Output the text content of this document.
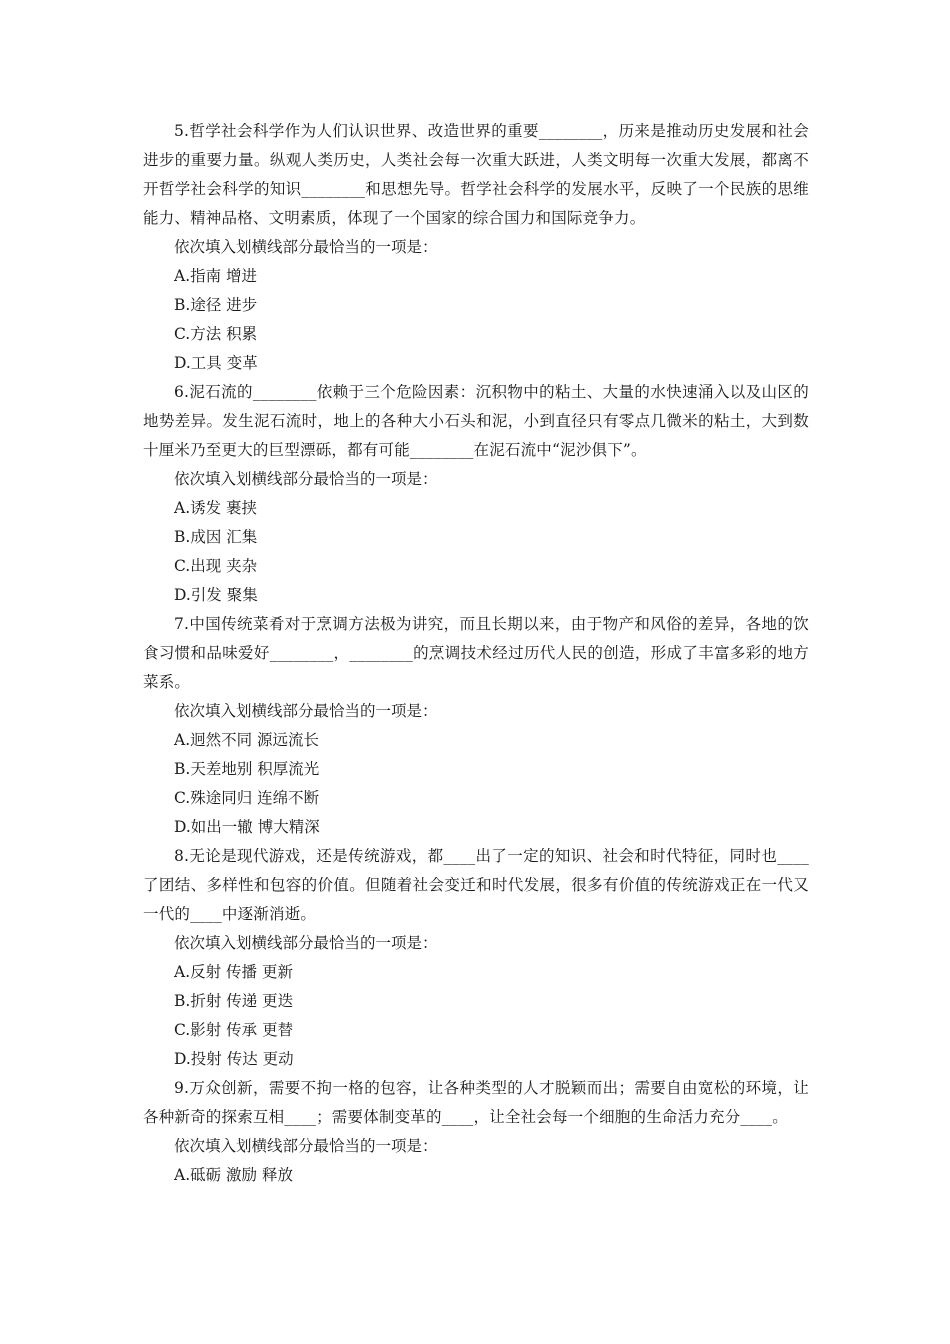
5.哲学社会科学作为人们认识世界、改造世界的重要________，历来是推动历史发展和社会进步的重要力量。纵观人类历史，人类社会每一次重大跃进，人类文明每一次重大发展，都离不开哲学社会科学的知识________和思想先导。哲学社会科学的发展水平，反映了一个民族的思维能力、精神品格、文明素质，体现了一个国家的综合国力和国际竞争力。

依次填入划横线部分最恰当的一项是：

A.指南 增进
B.途径 进步
C.方法 积累
D.工具 变革

6.泥石流的________依赖于三个危险因素：沉积物中的粘土、大量的水快速涌入以及山区的地势差异。发生泥石流时，地上的各种大小石头和泥，小到直径只有零点几微米的粘土，大到数十厘米乃至更大的巨型漂砾，都有可能________在泥石流中“泥沙俱下”。

依次填入划横线部分最恰当的一项是：

A.诱发 裹挟
B.成因 汇集
C.出现 夹杂
D.引发 聚集

7.中国传统菜肴对于烹调方法极为讲究，而且长期以来，由于物产和风俗的差异，各地的饮食习惯和品味爱好________，________的烹调技术经过历代人民的创造，形成了丰富多彩的地方菜系。

依次填入划横线部分最恰当的一项是：

A.迥然不同 源远流长
B.天差地别 积厚流光
C.殊途同归 连绵不断
D.如出一辙 博大精深

8.无论是现代游戏，还是传统游戏，都____出了一定的知识、社会和时代特征，同时也____了团结、多样性和包容的价值。但随着社会变迁和时代发展，很多有价值的传统游戏正在一代又一代的____中逐渐消逝。

依次填入划横线部分最恰当的一项是：

A.反射 传播 更新
B.折射 传递 更迭
C.影射 传承 更替
D.投射 传达 更动

9.万众创新，需要不拘一格的包容，让各种类型的人才脱颖而出；需要自由宽松的环境，让各种新奇的探索互相____；需要体制变革的____，让全社会每一个细胞的生命活力充分____。

依次填入划横线部分最恰当的一项是：

A.砥砺 激励 释放
